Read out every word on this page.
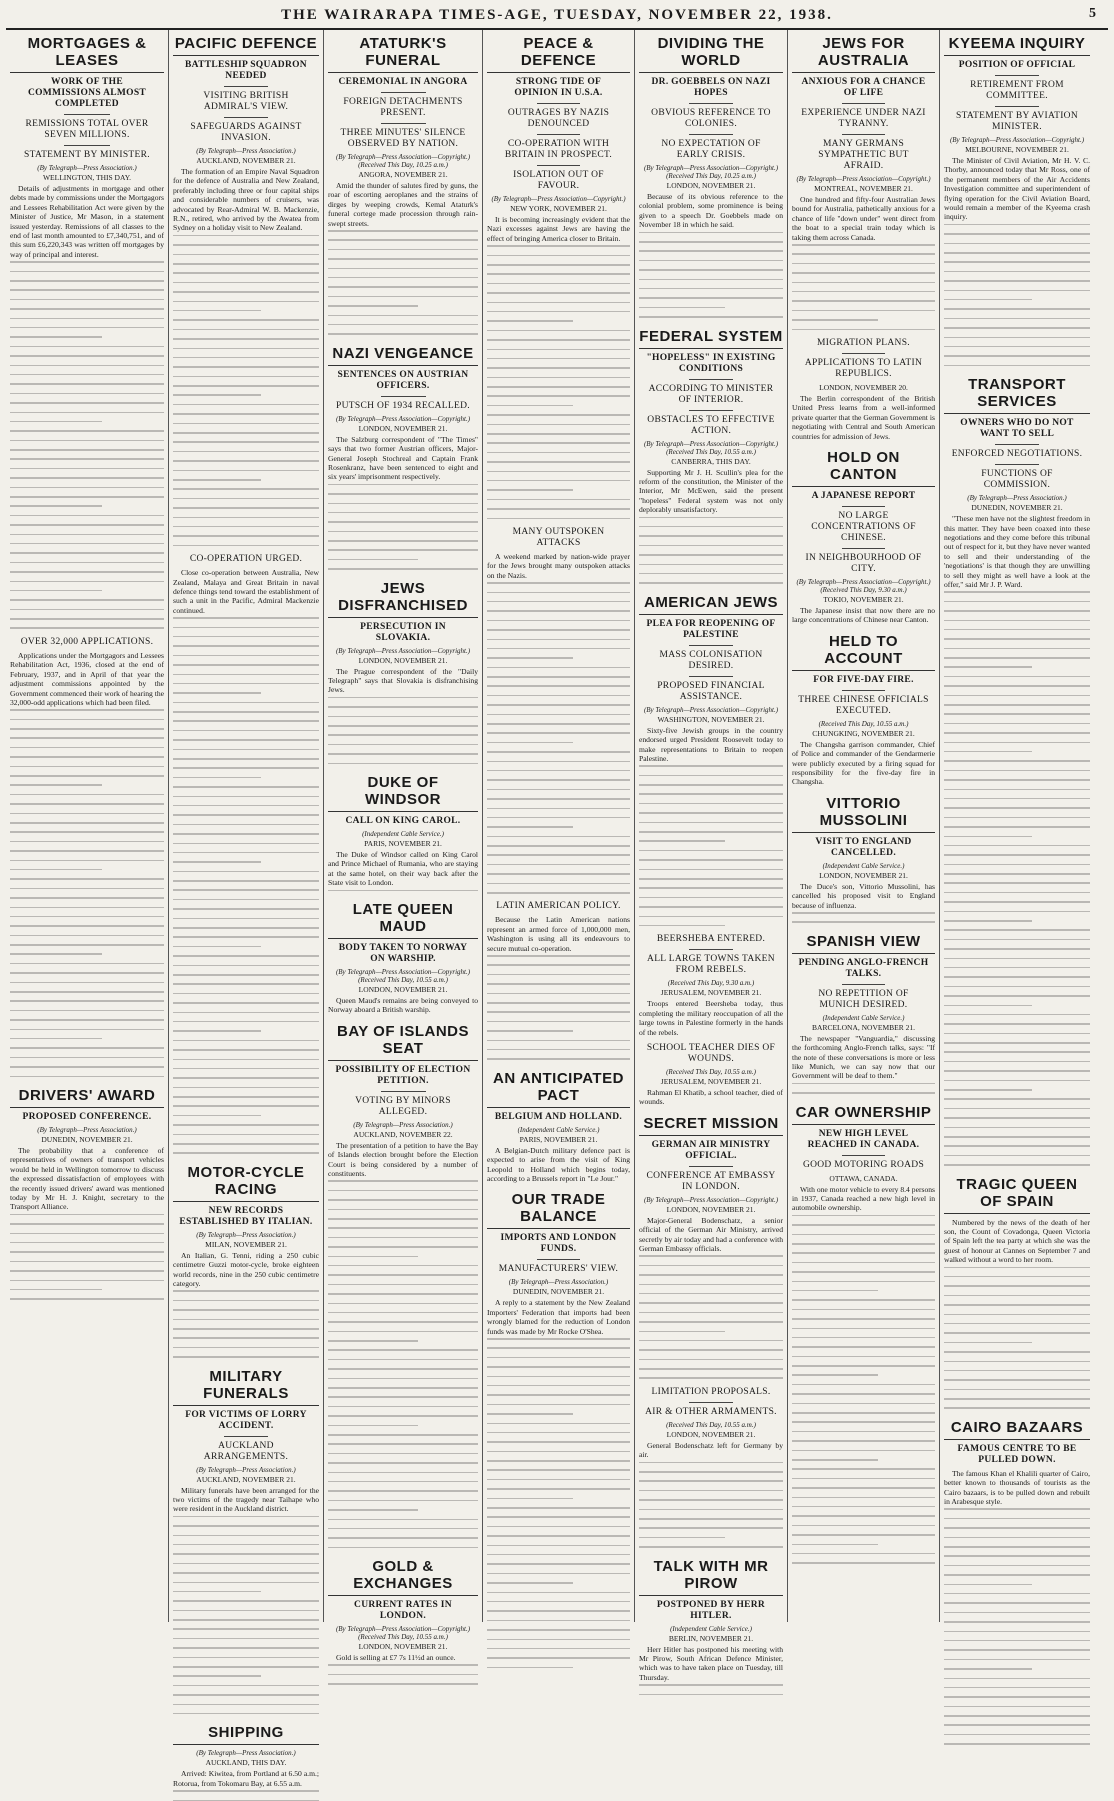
THE WAIRARAPA TIMES-AGE, TUESDAY, NOVEMBER 22, 1938.	5
MORTGAGES & LEASES
WORK OF THE COMMISSIONS ALMOST COMPLETED
REMISSIONS TOTAL OVER SEVEN MILLIONS.
STATEMENT BY MINISTER.
(By Telegraph—Press Association.)
WELLINGTON, THIS DAY.

Details of adjustments in mortgage and other debts made by commissions under the Mortgagors and Lessees Rehabilitation Act were given by the Minister of Justice, Mr Mason, in a statement issued yesterday. Remissions of all classes to the end of last month amounted to £7,340,751, and of this sum £6,220,343 was written off mortgages by way of principal and interest.

OVER 32,000 APPLICATIONS.

Applications under the Mortgagors and Lessees Rehabilitation Act, 1936, closed at the end of February, 1937, and in April of that year the adjustment commissions appointed by the Government commenced their work of hearing the 32,000-odd applications which had been filed.

DRIVERS' AWARD
PROPOSED CONFERENCE.
(By Telegraph—Press Association.)
DUNEDIN, NOVEMBER 21.

The probability that a conference of representatives of owners of transport vehicles would be held in Wellington tomorrow to discuss the expressed dissatisfaction of employees with the recently issued drivers' award was mentioned today by Mr H. J. Knight, secretary to the Transport Alliance.

PACIFIC DEFENCE
BATTLESHIP SQUADRON NEEDED
VISITING BRITISH ADMIRAL'S VIEW.
SAFEGUARDS AGAINST INVASION.
(By Telegraph—Press Association.)
AUCKLAND, NOVEMBER 21.

The formation of an Empire Naval Squadron for the defence of Australia and New Zealand, preferably including three or four capital ships and considerable numbers of cruisers, was advocated by Rear-Admiral W. B. Mackenzie, R.N., retired, who arrived by the Awatea from Sydney on a holiday visit to New Zealand.

CO-OPERATION URGED.

Close co-operation between Australia, New Zealand, Malaya and Great Britain in naval defence things tend toward the establishment of such a unit in the Pacific, Admiral Mackenzie continued.

MOTOR-CYCLE RACING
NEW RECORDS ESTABLISHED BY ITALIAN.
(By Telegraph—Press Association.)
MILAN, NOVEMBER 21.

An Italian, G. Tenni, riding a 250 cubic centimetre Guzzi motor-cycle, broke eighteen world records, nine in the 250 cubic centimetre category.

MILITARY FUNERALS
FOR VICTIMS OF LORRY ACCIDENT.
AUCKLAND ARRANGEMENTS.
(By Telegraph—Press Association.)
AUCKLAND, NOVEMBER 21.

Military funerals have been arranged for the two victims of the tragedy near Taihape who were resident in the Auckland district.

SHIPPING
(By Telegraph—Press Association.)
AUCKLAND, THIS DAY.

Arrived: Kiwitea, from Portland at 6.50 a.m.; Rotorua, from Tokomaru Bay, at 6.55 a.m.

ATATURK'S FUNERAL
CEREMONIAL IN ANGORA
FOREIGN DETACHMENTS PRESENT.
THREE MINUTES' SILENCE OBSERVED BY NATION.
(By Telegraph—Press Association—Copyright.) (Received This Day, 10.25 a.m.)
ANGORA, NOVEMBER 21.

Amid the thunder of salutes fired by guns, the roar of escorting aeroplanes and the strains of dirges by weeping crowds, Kemal Ataturk's funeral cortege made procession through rain-swept streets.

NAZI VENGEANCE
SENTENCES ON AUSTRIAN OFFICERS.
PUTSCH OF 1934 RECALLED.
(By Telegraph—Press Association—Copyright.)
LONDON, NOVEMBER 21.

The Salzburg correspondent of "The Times" says that two former Austrian officers, Major-General Joseph Stochreal and Captain Frank Rosenkranz, have been sentenced to eight and six years' imprisonment respectively.

JEWS DISFRANCHISED
PERSECUTION IN SLOVAKIA.
(By Telegraph—Press Association—Copyright.)
LONDON, NOVEMBER 21.

The Prague correspondent of the "Daily Telegraph" says that Slovakia is disfranchising Jews.

DUKE OF WINDSOR
CALL ON KING CAROL.
(Independent Cable Service.)
PARIS, NOVEMBER 21.

The Duke of Windsor called on King Carol and Prince Michael of Rumania, who are staying at the same hotel, on their way back after the State visit to London.

LATE QUEEN MAUD
BODY TAKEN TO NORWAY ON WARSHIP.
(By Telegraph—Press Association—Copyright.) (Received This Day, 10.55 a.m.)
LONDON, NOVEMBER 21.

Queen Maud's remains are being conveyed to Norway aboard a British warship.

BAY OF ISLANDS SEAT
POSSIBILITY OF ELECTION PETITION.
VOTING BY MINORS ALLEGED.
(By Telegraph—Press Association.)
AUCKLAND, NOVEMBER 22.

The presentation of a petition to have the Bay of Islands election brought before the Election Court is being considered by a number of constituents.

GOLD & EXCHANGES
CURRENT RATES IN LONDON.
(By Telegraph—Press Association—Copyright.) (Received This Day, 10.55 a.m.)
LONDON, NOVEMBER 21.

Gold is selling at £7 7s 11½d an ounce.

PEACE & DEFENCE
STRONG TIDE OF OPINION IN U.S.A.
OUTRAGES BY NAZIS DENOUNCED
CO-OPERATION WITH BRITAIN IN PROSPECT.
ISOLATION OUT OF FAVOUR.
(By Telegraph—Press Association—Copyright.)
NEW YORK, NOVEMBER 21.

It is becoming increasingly evident that the Nazi excesses against Jews are having the effect of bringing America closer to Britain.

MANY OUTSPOKEN ATTACKS

A weekend marked by nation-wide prayer for the Jews brought many outspoken attacks on the Nazis.

LATIN AMERICAN POLICY.

Because the Latin American nations represent an armed force of 1,000,000 men, Washington is using all its endeavours to secure mutual co-operation.

AN ANTICIPATED PACT
BELGIUM AND HOLLAND.
(Independent Cable Service.)
PARIS, NOVEMBER 21.

A Belgian-Dutch military defence pact is expected to arise from the visit of King Leopold to Holland which begins today, according to a Brussels report in "Le Jour."

OUR TRADE BALANCE
IMPORTS AND LONDON FUNDS.
MANUFACTURERS' VIEW.
(By Telegraph—Press Association.)
DUNEDIN, NOVEMBER 21.

A reply to a statement by the New Zealand Importers' Federation that imports had been wrongly blamed for the reduction of London funds was made by Mr Rocke O'Shea.

DIVIDING THE WORLD
DR. GOEBBELS ON NAZI HOPES
OBVIOUS REFERENCE TO COLONIES.
NO EXPECTATION OF EARLY CRISIS.
(By Telegraph—Press Association—Copyright.) (Received This Day, 10.25 a.m.)
LONDON, NOVEMBER 21.

Because of its obvious reference to the colonial problem, some prominence is being given to a speech Dr. Goebbels made on November 18 in which he said.

FEDERAL SYSTEM
"HOPELESS" IN EXISTING CONDITIONS
ACCORDING TO MINISTER OF INTERIOR.
OBSTACLES TO EFFECTIVE ACTION.
(By Telegraph—Press Association—Copyright.) (Received This Day, 10.55 a.m.)
CANBERRA, THIS DAY.

Supporting Mr J. H. Scullin's plea for the reform of the constitution, the Minister of the Interior, Mr McEwen, said the present "hopeless" Federal system was not only deplorably unsatisfactory.

AMERICAN JEWS
PLEA FOR REOPENING OF PALESTINE
MASS COLONISATION DESIRED.
PROPOSED FINANCIAL ASSISTANCE.
(By Telegraph—Press Association—Copyright.)
WASHINGTON, NOVEMBER 21.

Sixty-five Jewish groups in the country endorsed urged President Roosevelt today to make representations to Britain to reopen Palestine.

BEERSHEBA ENTERED.
ALL LARGE TOWNS TAKEN FROM REBELS.
(Received This Day, 9.30 a.m.)
JERUSALEM, NOVEMBER 21.

Troops entered Beersheba today, thus completing the military reoccupation of all the large towns in Palestine formerly in the hands of the rebels.

SCHOOL TEACHER DIES OF WOUNDS.
(Received This Day, 10.55 a.m.)
JERUSALEM, NOVEMBER 21.

Rahman El Khatib, a school teacher, died of wounds.

SECRET MISSION
GERMAN AIR MINISTRY OFFICIAL.
CONFERENCE AT EMBASSY IN LONDON.
(By Telegraph—Press Association—Copyright.)
LONDON, NOVEMBER 21.

Major-General Bodenschatz, a senior official of the German Air Ministry, arrived secretly by air today and had a conference with German Embassy officials.

LIMITATION PROPOSALS.
AIR & OTHER ARMAMENTS.
(Received This Day, 10.55 a.m.)
LONDON, NOVEMBER 21.

General Bodenschatz left for Germany by air.

TALK WITH MR PIROW
POSTPONED BY HERR HITLER.
(Independent Cable Service.)
BERLIN, NOVEMBER 21.

Herr Hitler has postponed his meeting with Mr Pirow, South African Defence Minister, which was to have taken place on Tuesday, till Thursday.

JEWS FOR AUSTRALIA
ANXIOUS FOR A CHANCE OF LIFE
EXPERIENCE UNDER NAZI TYRANNY.
MANY GERMANS SYMPATHETIC BUT AFRAID.
(By Telegraph—Press Association—Copyright.)
MONTREAL, NOVEMBER 21.

One hundred and fifty-four Australian Jews bound for Australia, pathetically anxious for a chance of life "down under" went direct from the boat to a special train today which is taking them across Canada.

MIGRATION PLANS.
APPLICATIONS TO LATIN REPUBLICS.
LONDON, NOVEMBER 20.

The Berlin correspondent of the British United Press learns from a well-informed private quarter that the German Government is negotiating with Central and South American countries for admission of Jews.

HOLD ON CANTON
A JAPANESE REPORT
NO LARGE CONCENTRATIONS OF CHINESE.
IN NEIGHBOURHOOD OF CITY.
(By Telegraph—Press Association—Copyright.) (Received This Day, 9.30 a.m.)
TOKIO, NOVEMBER 21.

The Japanese insist that now there are no large concentrations of Chinese near Canton.

HELD TO ACCOUNT
FOR FIVE-DAY FIRE.
THREE CHINESE OFFICIALS EXECUTED.
(Received This Day, 10.55 a.m.)
CHUNGKING, NOVEMBER 21.

The Changsha garrison commander, Chief of Police and commander of the Gendarmerie were publicly executed by a firing squad for responsibility for the five-day fire in Changsha.

VITTORIO MUSSOLINI
VISIT TO ENGLAND CANCELLED.
(Independent Cable Service.)
LONDON, NOVEMBER 21.

The Duce's son, Vittorio Mussolini, has cancelled his proposed visit to England because of influenza.

SPANISH VIEW
PENDING ANGLO-FRENCH TALKS.
NO REPETITION OF MUNICH DESIRED.
(Independent Cable Service.)
BARCELONA, NOVEMBER 21.

The newspaper "Vanguardia," discussing the forthcoming Anglo-French talks, says: "If the note of these conversations is more or less like Munich, we can say now that our Government will be deaf to them."

CAR OWNERSHIP
NEW HIGH LEVEL REACHED IN CANADA.
GOOD MOTORING ROADS
OTTAWA, CANADA.

With one motor vehicle to every 8.4 persons in 1937, Canada reached a new high level in automobile ownership.

KYEEMA INQUIRY
POSITION OF OFFICIAL
RETIREMENT FROM COMMITTEE.
STATEMENT BY AVIATION MINISTER.
(By Telegraph—Press Association—Copyright.)
MELBOURNE, NOVEMBER 21.

The Minister of Civil Aviation, Mr H. V. C. Thorby, announced today that Mr Ross, one of the permanent members of the Air Accidents Investigation committee and superintendent of flying operation for the Civil Aviation Board, would remain a member of the Kyeema crash inquiry.

TRANSPORT SERVICES
OWNERS WHO DO NOT WANT TO SELL
ENFORCED NEGOTIATIONS.
FUNCTIONS OF COMMISSION.
(By Telegraph—Press Association.)
DUNEDIN, NOVEMBER 21.

"These men have not the slightest freedom in this matter. They have been coaxed into these negotiations and they come before this tribunal out of respect for it, but they have never wanted to sell and their understanding of the 'negotiations' is that though they are unwilling to sell they might as well have a look at the offer," said Mr J. P. Ward.

TRAGIC QUEEN OF SPAIN

Numbered by the news of the death of her son, the Count of Covadonga, Queen Victoria of Spain left the tea party at which she was the guest of honour at Cannes on September 7 and walked without a word to her room.

CAIRO BAZAARS
FAMOUS CENTRE TO BE PULLED DOWN.

The famous Khan el Khalili quarter of Cairo, better known to thousands of tourists as the Cairo bazaars, is to be pulled down and rebuilt in Arabesque style.
